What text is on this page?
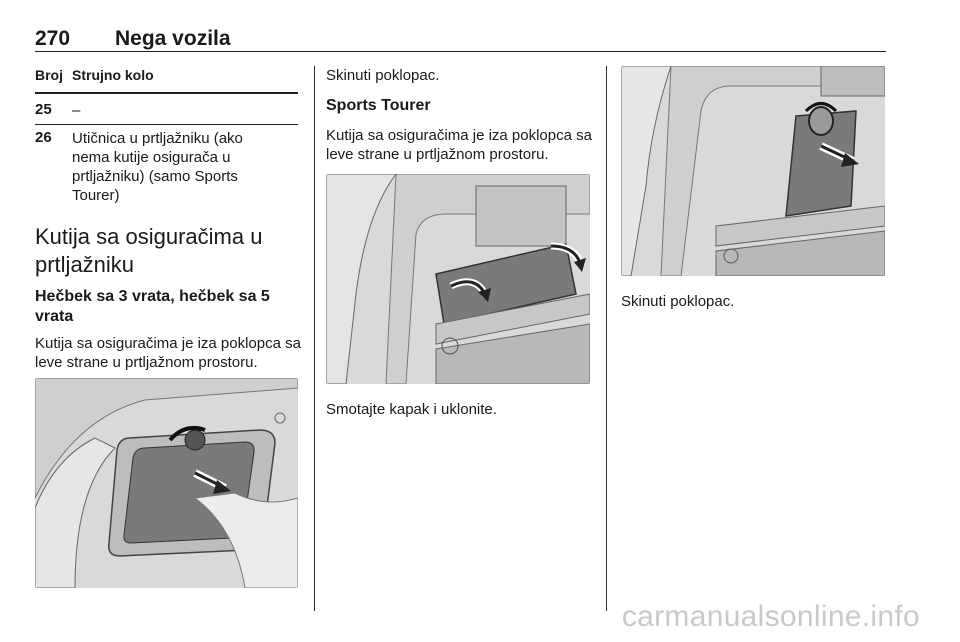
270 Nega vozila
Broj Strujno kolo
25 –
26 Utičnica u prtljažniku (ako nema kutije osigurača u prtljažniku) (samo Sports Tourer)
Kutija sa osiguračima u prtljažniku
Hečbek sa 3 vrata, hečbek sa 5 vrata
Kutija sa osiguračima je iza poklopca sa leve strane u prtljažnom prostoru.
Skinuti poklopac.
Sports Tourer
Kutija sa osiguračima je iza poklopca sa leve strane u prtljažnom prostoru.
Smotajte kapak i uklonite.
Skinuti poklopac.
carmanualsonline.info
